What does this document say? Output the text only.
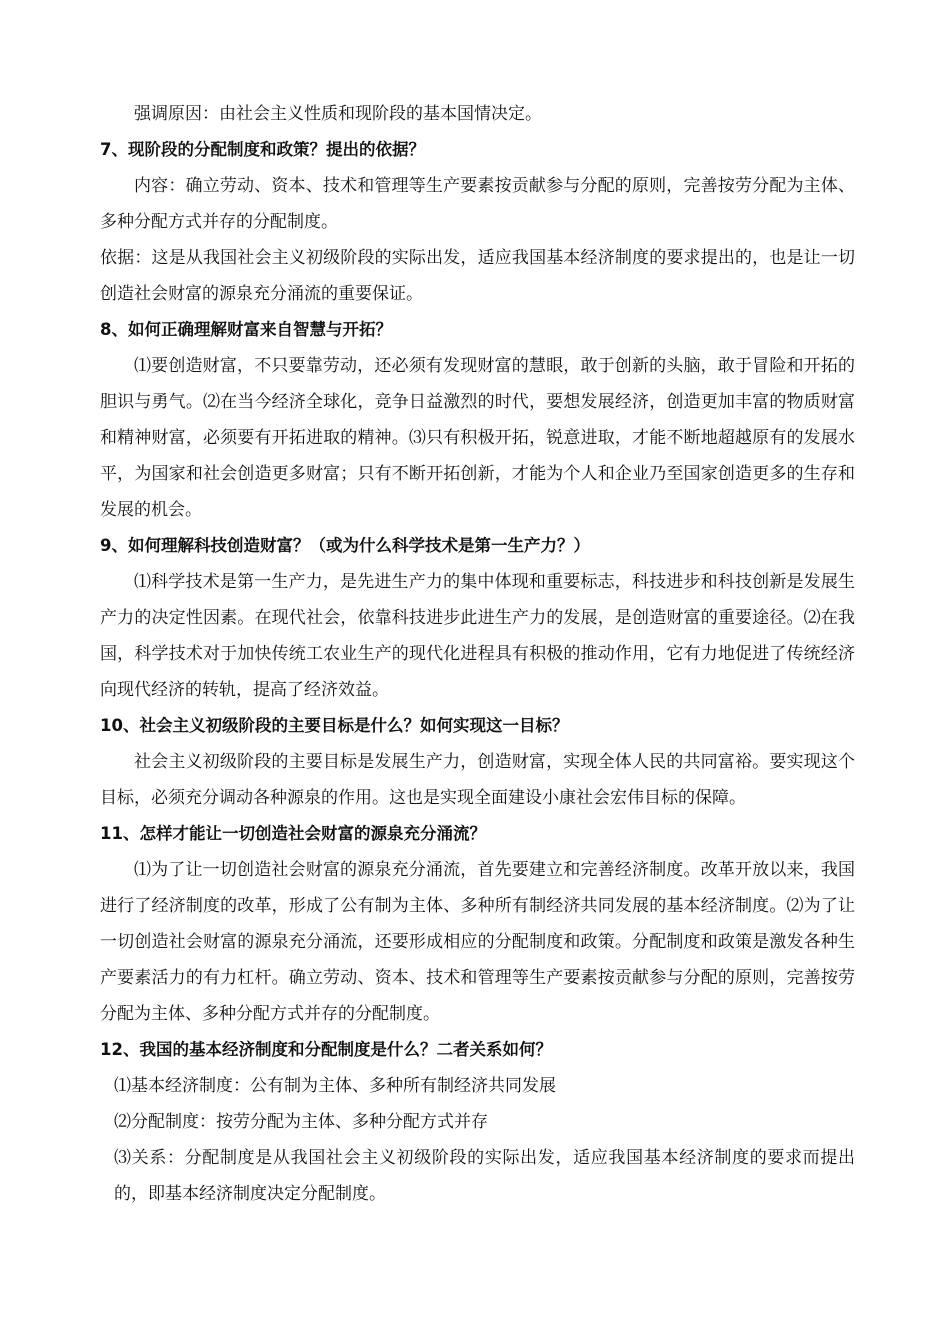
强调原因：由社会主义性质和现阶段的基本国情决定。

7、现阶段的分配制度和政策？提出的依据？

内容：确立劳动、资本、技术和管理等生产要素按贡献参与分配的原则，完善按劳分配为主体、多种分配方式并存的分配制度。

依据：这是从我国社会主义初级阶段的实际出发，适应我国基本经济制度的要求提出的，也是让一切创造社会财富的源泉充分涌流的重要保证。

8、如何正确理解财富来自智慧与开拓？

⑴要创造财富，不只要靠劳动，还必须有发现财富的慧眼，敢于创新的头脑，敢于冒险和开拓的胆识与勇气。⑵在当今经济全球化，竞争日益激烈的时代，要想发展经济，创造更加丰富的物质财富和精神财富，必须要有开拓进取的精神。⑶只有积极开拓，锐意进取，才能不断地超越原有的发展水平，为国家和社会创造更多财富；只有不断开拓创新，才能为个人和企业乃至国家创造更多的生存和发展的机会。

9、如何理解科技创造财富？（或为什么科学技术是第一生产力？）

⑴科学技术是第一生产力，是先进生产力的集中体现和重要标志，科技进步和科技创新是发展生产力的决定性因素。在现代社会，依靠科技进步此进生产力的发展，是创造财富的重要途径。⑵在我国，科学技术对于加快传统工农业生产的现代化进程具有积极的推动作用，它有力地促进了传统经济向现代经济的转轨，提高了经济效益。

10、社会主义初级阶段的主要目标是什么？如何实现这一目标？

社会主义初级阶段的主要目标是发展生产力，创造财富，实现全体人民的共同富裕。要实现这个目标，必须充分调动各种源泉的作用。这也是实现全面建设小康社会宏伟目标的保障。

11、怎样才能让一切创造社会财富的源泉充分涌流？

⑴为了让一切创造社会财富的源泉充分涌流，首先要建立和完善经济制度。改革开放以来，我国进行了经济制度的改革，形成了公有制为主体、多种所有制经济共同发展的基本经济制度。⑵为了让一切创造社会财富的源泉充分涌流，还要形成相应的分配制度和政策。分配制度和政策是激发各种生产要素活力的有力杠杆。确立劳动、资本、技术和管理等生产要素按贡献参与分配的原则，完善按劳分配为主体、多种分配方式并存的分配制度。

12、我国的基本经济制度和分配制度是什么？二者关系如何？

⑴基本经济制度：公有制为主体、多种所有制经济共同发展

⑵分配制度：按劳分配为主体、多种分配方式并存

⑶关系：分配制度是从我国社会主义初级阶段的实际出发，适应我国基本经济制度的要求而提出的，即基本经济制度决定分配制度。
